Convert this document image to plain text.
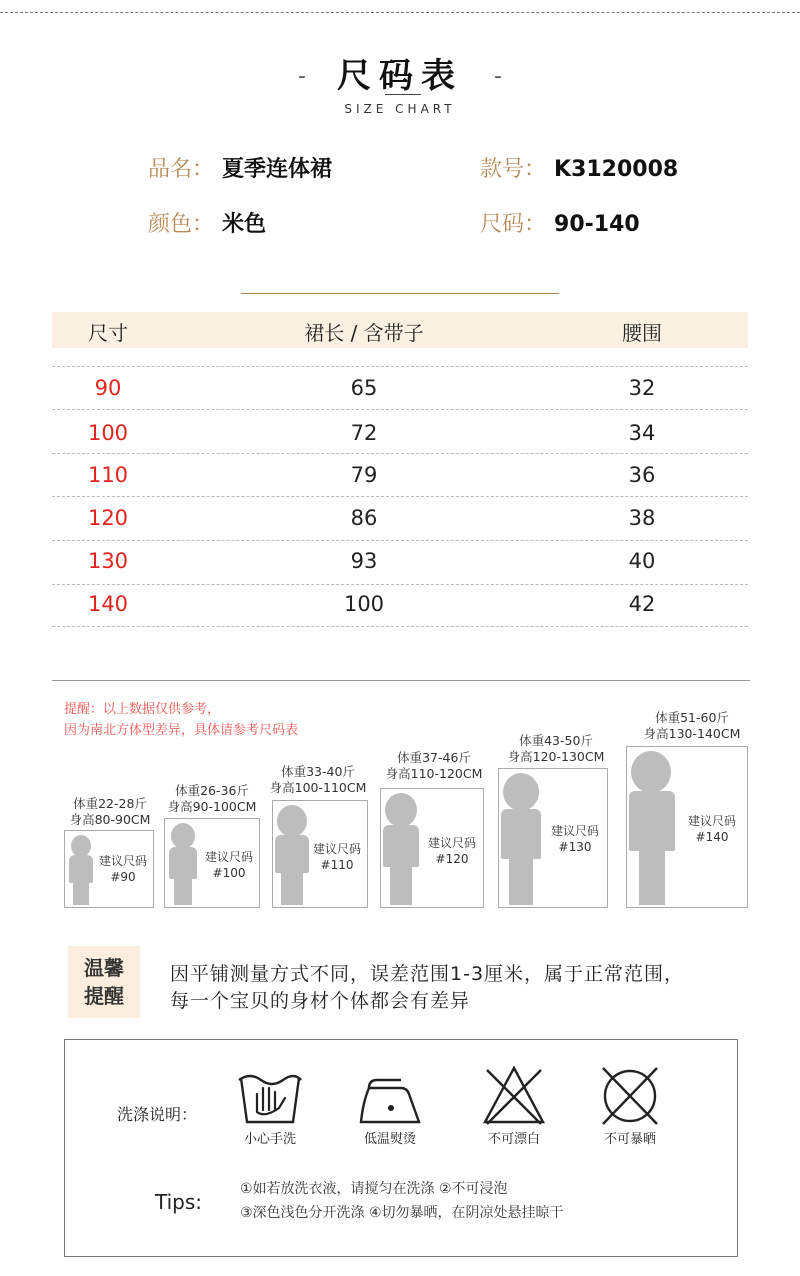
- 尺码表	-
SIZE CHART
品名： 夏季连体裙	款号： K3120008
颜色： 米色	尺码： 90-140
尺寸	裙长 / 含带子	腰围
90	65	32
100	72	34
110	79	36
120	86	38
130	93	40
140	100	42
提醒：以上数据仅供参考，
因为南北方体型差异，具体请参考尺码表
体重22-28斤
身高80-90CM
建议尺码
#90
体重26-36斤
身高90-100CM
建议尺码
#100
体重33-40斤
身高100-110CM
建议尺码
#110
体重37-46斤
身高110-120CM
建议尺码
#120
体重43-50斤
身高120-130CM
建议尺码
#130
体重51-60斤
身高130-140CM
建议尺码
#140
温馨
提醒
因平铺测量方式不同，误差范围1-3厘米，属于正常范围，
每一个宝贝的身材个体都会有差异
洗涤说明：
小心手洗	低温熨烫	不可漂白	不可暴晒
Tips:
①如若放洗衣液，请搅匀在洗涤 ②不可浸泡
③深色浅色分开洗涤 ④切勿暴晒，在阴凉处悬挂晾干
